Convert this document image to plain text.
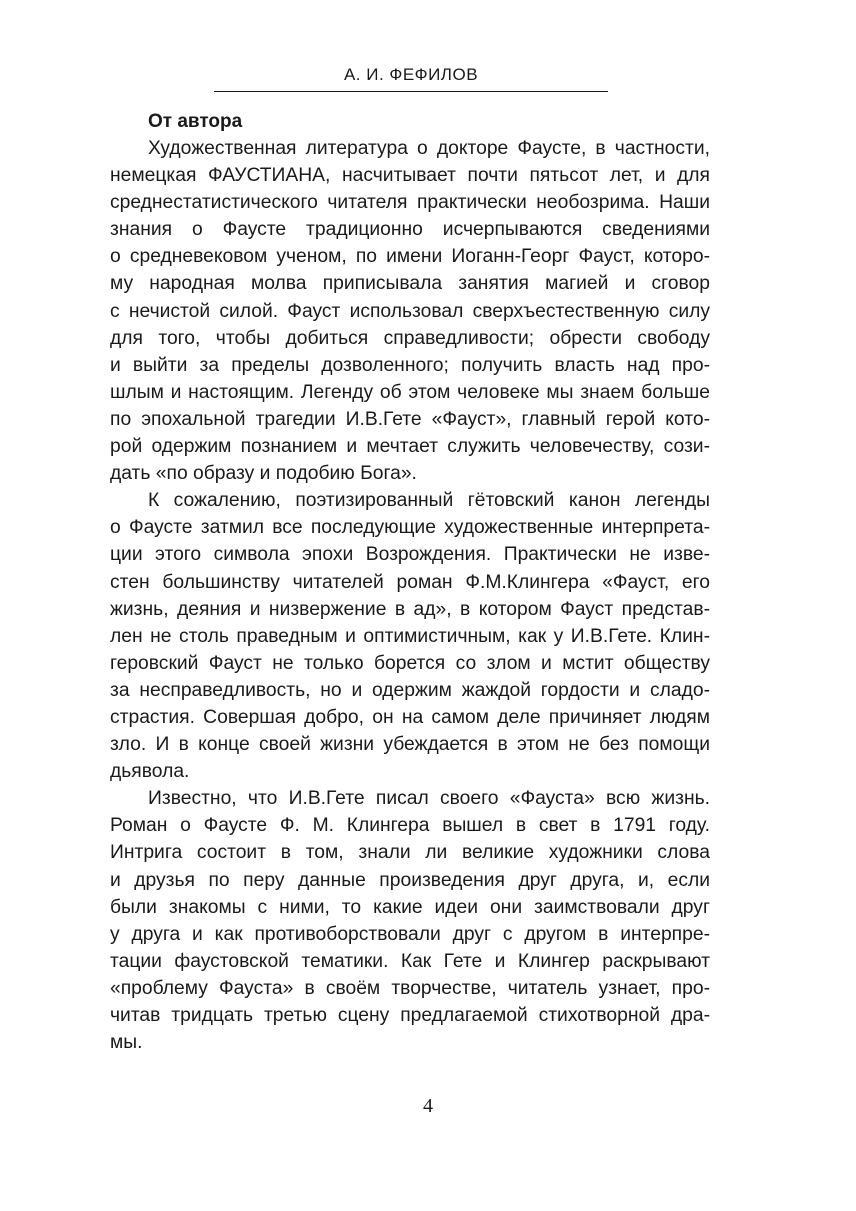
А. И. ФЕФИЛОВ
От автора
Художественная литература о докторе Фаусте, в частности,
немецкая ФАУСТИАНА, насчитывает почти пятьсот лет, и для
среднестатистического читателя практически необозрима. Наши
знания о Фаусте традиционно исчерпываются сведениями
о средневековом ученом, по имени Иоганн-Георг Фауст, которо-
му народная молва приписывала занятия магией и сговор
с нечистой силой. Фауст использовал сверхъестественную силу
для того, чтобы добиться справедливости; обрести свободу
и выйти за пределы дозволенного; получить власть над про-
шлым и настоящим. Легенду об этом человеке мы знаем больше
по эпохальной трагедии И.В.Гете «Фауст», главный герой кото-
рой одержим познанием и мечтает служить человечеству, сози-
дать «по образу и подобию Бога».
К сожалению, поэтизированный гётовский канон легенды
о Фаусте затмил все последующие художественные интерпрета-
ции этого символа эпохи Возрождения. Практически не изве-
стен большинству читателей роман Ф.М.Клингера «Фауст, его
жизнь, деяния и низвержение в ад», в котором Фауст представ-
лен не столь праведным и оптимистичным, как у И.В.Гете. Клин-
геровский Фауст не только борется со злом и мстит обществу
за несправедливость, но и одержим жаждой гордости и сладо-
страстия. Совершая добро, он на самом деле причиняет людям
зло. И в конце своей жизни убеждается в этом не без помощи
дьявола.
Известно, что И.В.Гете писал своего «Фауста» всю жизнь.
Роман о Фаусте Ф. М. Клингера вышел в свет в 1791 году.
Интрига состоит в том, знали ли великие художники слова
и друзья по перу данные произведения друг друга, и, если
были знакомы с ними, то какие идеи они заимствовали друг
у друга и как противоборствовали друг с другом в интерпре-
тации фаустовской тематики. Как Гете и Клингер раскрывают
«проблему Фауста» в своём творчестве, читатель узнает, про-
читав тридцать третью сцену предлагаемой стихотворной дра-
мы.
4
